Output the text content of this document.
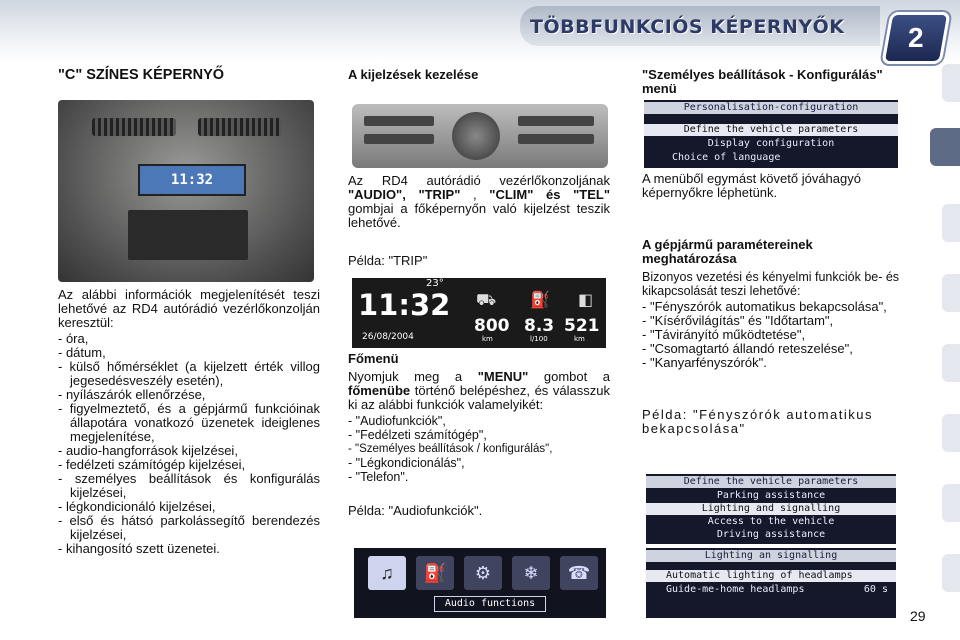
TÖBBFUNKCIÓS KÉPERNYŐK	2
"C" SZÍNES KÉPERNYŐ
11:32

Az alábbi információk megjelenítését teszi lehetővé az RD4 autórádió vezérlőkonzolján keresztül:

- óra,
- dátum,
- külső hőmérséklet (a kijelzett érték villog jegesedésveszély esetén),
- nyílászárók ellenőrzése,
- figyelmeztető, és a gépjármű funkcióinak állapotára vonatkozó üzenetek ideiglenes megjelenítése,
- audio-hangforrások kijelzései,
- fedélzeti számítógép kijelzései,
- személyes beállítások és konfigurálás kijelzései,
- légkondicionáló kijelzései,
- első és hátsó parkolássegítő berendezés kijelzései,
- kihangosító szett üzenetei.
A kijelzések kezelése

Az RD4 autórádió vezérlőkonzoljának "AUDIO", "TRIP" , "CLIM" és "TEL" gombjai a főképernyőn való kijelzést teszik lehetővé.

Példa: "TRIP"

11:32
26/08/2004
23°
⛟ ⛽ ◧
800
km
8.3
l/100
521
km
Főmenü

Nyomjuk meg a "MENU" gombot a főmenübe történő belépéshez, és válasszuk ki az alábbi funkciók valamelyikét:

- "Audiofunkciók",
- "Fedélzeti számítógép",
- "Személyes beállítások / konfigurálás",
- "Légkondicionálás",
- "Telefon".

Példa: "Audiofunkciók".

♫	⛽	⚙	❄	☎
Audio functions
"Személyes beállítások - Konfigurálás" menü
Personalisation-configuration
Define the vehicle parameters
Display configuration
Choice of language

A menüből egymást követő jóváhagyó képernyőkre léphetünk.

A gépjármű paramétereinek meghatározása

Bizonyos vezetési és kényelmi funkciók be- és kikapcsolását teszi lehetővé:

- "Fényszórók automatikus bekapcsolása",
- "Kísérővilágítás" és "Időtartam",
- "Távirányító működtetése",
- "Csomagtartó állandó reteszelése",
- "Kanyarfényszórók".

Példa: "Fényszórók automatikus bekapcsolása"

Define the vehicle parameters
Parking assistance
Lighting and signalling
Access to the vehicle
Driving assistance
Lighting an signalling
Automatic lighting of headlamps
Guide-me-home headlamps	60 s
29
